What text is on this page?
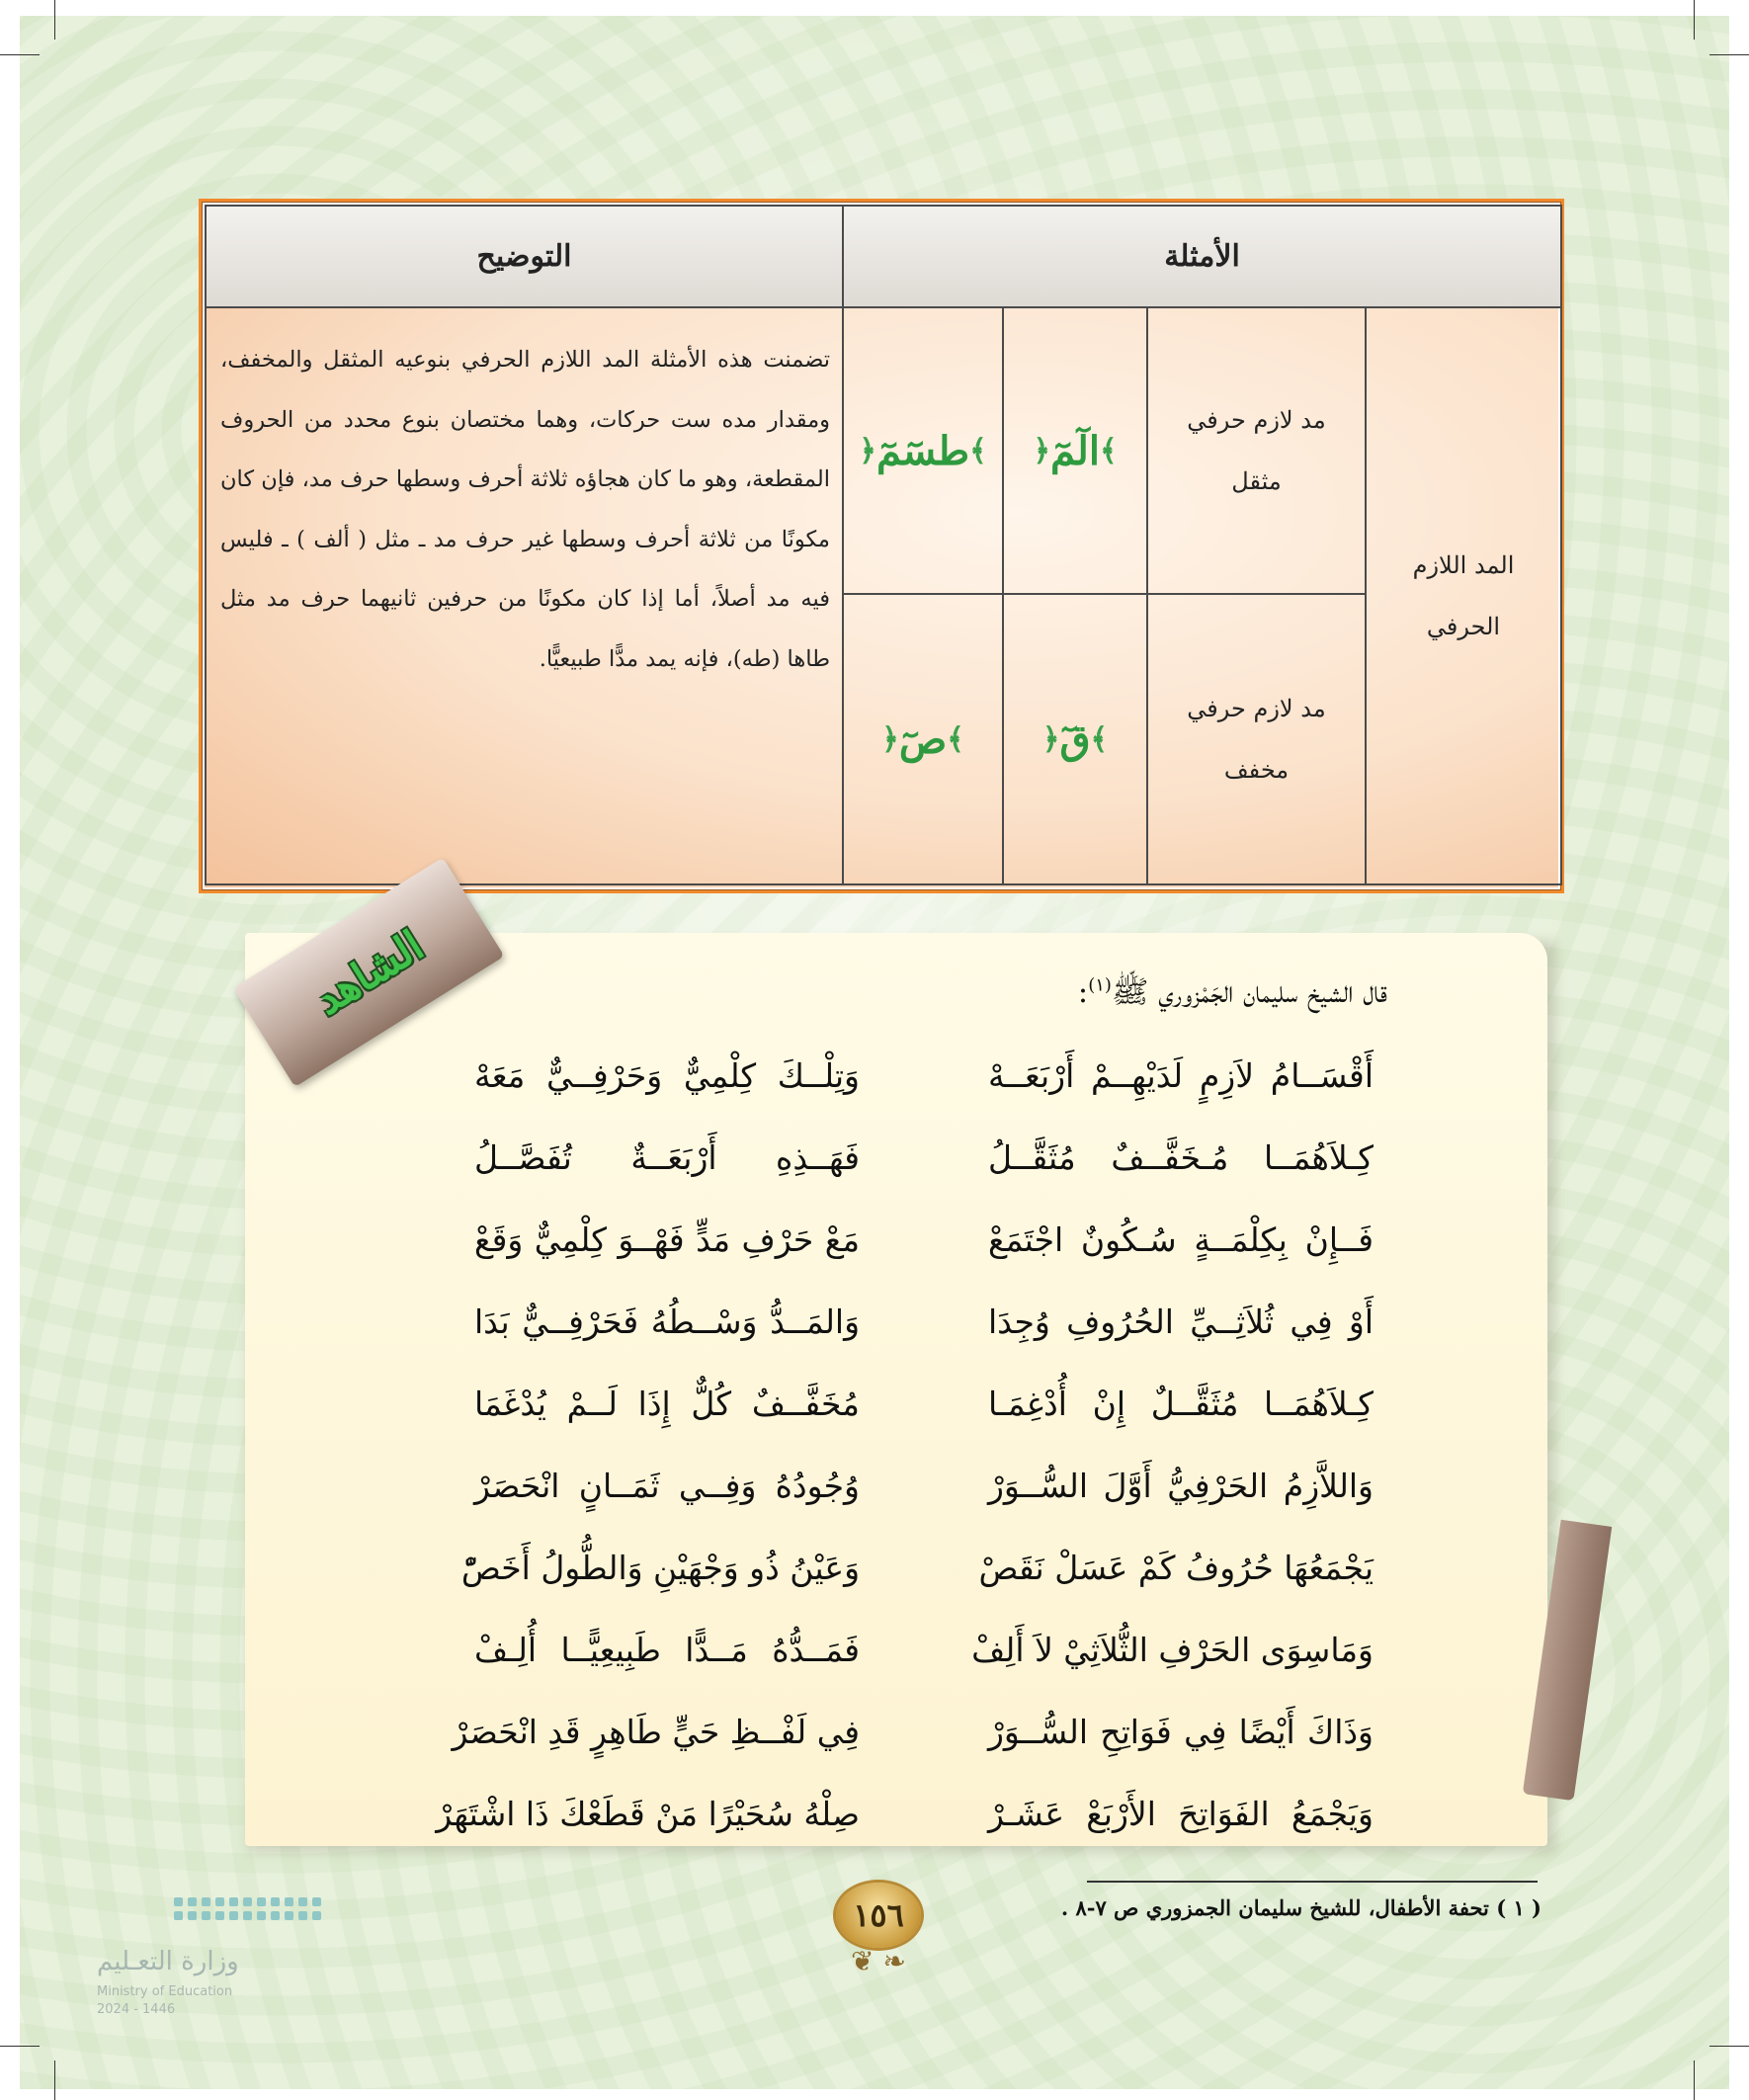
الأمثلة
التوضيح
المد اللازم الحرفي
مد لازم حرفي مثقل
﴾
الٓمٓ
﴿
﴾
طسٓمٓ
﴿
مد لازم حرفي مخفف
﴾
قٓ
﴿
﴾
صٓ
﴿
تضمنت هذه الأمثلة المد اللازم الحرفي بنوعيه المثقل والمخفف، ومقدار مده ست حركات، وهما مختصان بنوع محدد من الحروف المقطعة، وهو ما كان هجاؤه ثلاثة أحرف وسطها حرف مد، فإن كان مكونًا من ثلاثة أحرف وسطها غير حرف مد ـ مثل ( ألف ) ـ فليس فيه مد أصلاً، أما إذا كان مكونًا من حرفين ثانيهما حرف مد مثل طاها (طه)، فإنه يمد مدًّا طبيعيًّا.
الشاهد	قال الشيخ سليمان الجَمْزوري ﷺ$^{(١)}$:
أَقْسَــامُ لاَزِمٍ لَدَيْهِــمْ أَرْبَعَــهْ
وَتِلْــكَ كِلْمِيٌّ وَحَرْفِــيٌّ مَعَهْ
كِـلاَهُمَــا مُـخَفَّــفٌ مُثَقَّــلُ
فَهَــذِهِ أَرْبَعَــةٌ تُفَصَّــلُ
فَــإِنْ بِكِلْمَــةٍ سُـكُونٌ اجْتَمَعْ
مَعْ حَرْفِ مَدٍّ فَهْــوَ كِلْمِيٌّ وَقَعْ
أَوْ فِي ثُلاَثِــيِّ الحُرُوفِ وُجِدَا
وَالمَــدُّ وَسْــطُهُ فَحَرْفِــيٌّ بَدَا
كِـلاَهُمَــا مُثَقَّــلٌ إِنْ أُدْغِمَـا
مُخَفَّــفٌ كُلٌّ إِذَا لَــمْ يُدْغَمَا
وَاللاَّزِمُ الحَرْفِيُّ أَوَّلَ السُّــوَرْ
وُجُودُهُ وَفِــي ثَمَــانٍ انْحَصَرْ
يَجْمَعُهَا حُرُوفُ كَمْ عَسَلْ نَقَصْ
وَعَيْنُ ذُو وَجْهَيْنِ وَالطُّولُ أَخَصّْ
وَمَاسِوَى الحَرْفِ الثُّلاَثِيْ لاَ أَلِفْ
فَمَــدُّهُ مَــدًّا طَبِيعِيًّــا أُلِـفْ
وَذَاكَ أَيْضًا فِي فَوَاتِحِ السُّــوَرْ
فِي لَفْــظِ حَيٍّ طَاهِرٍ قَدِ انْحَصَرْ
وَيَجْمَعُ الفَوَاتِحَ الأَرْبَعْ عَشَـرْ
صِلْهُ سُحَيْرًا مَنْ قَطَعْكَ ذَا اشْتَهَرْ
( ١ ) تحفة الأطفال، للشيخ سليمان الجمزوري ص ٧-٨ .
١٥٦
❦ ❧
وزارة التعـليم
Ministry of Education
2024 - 1446
